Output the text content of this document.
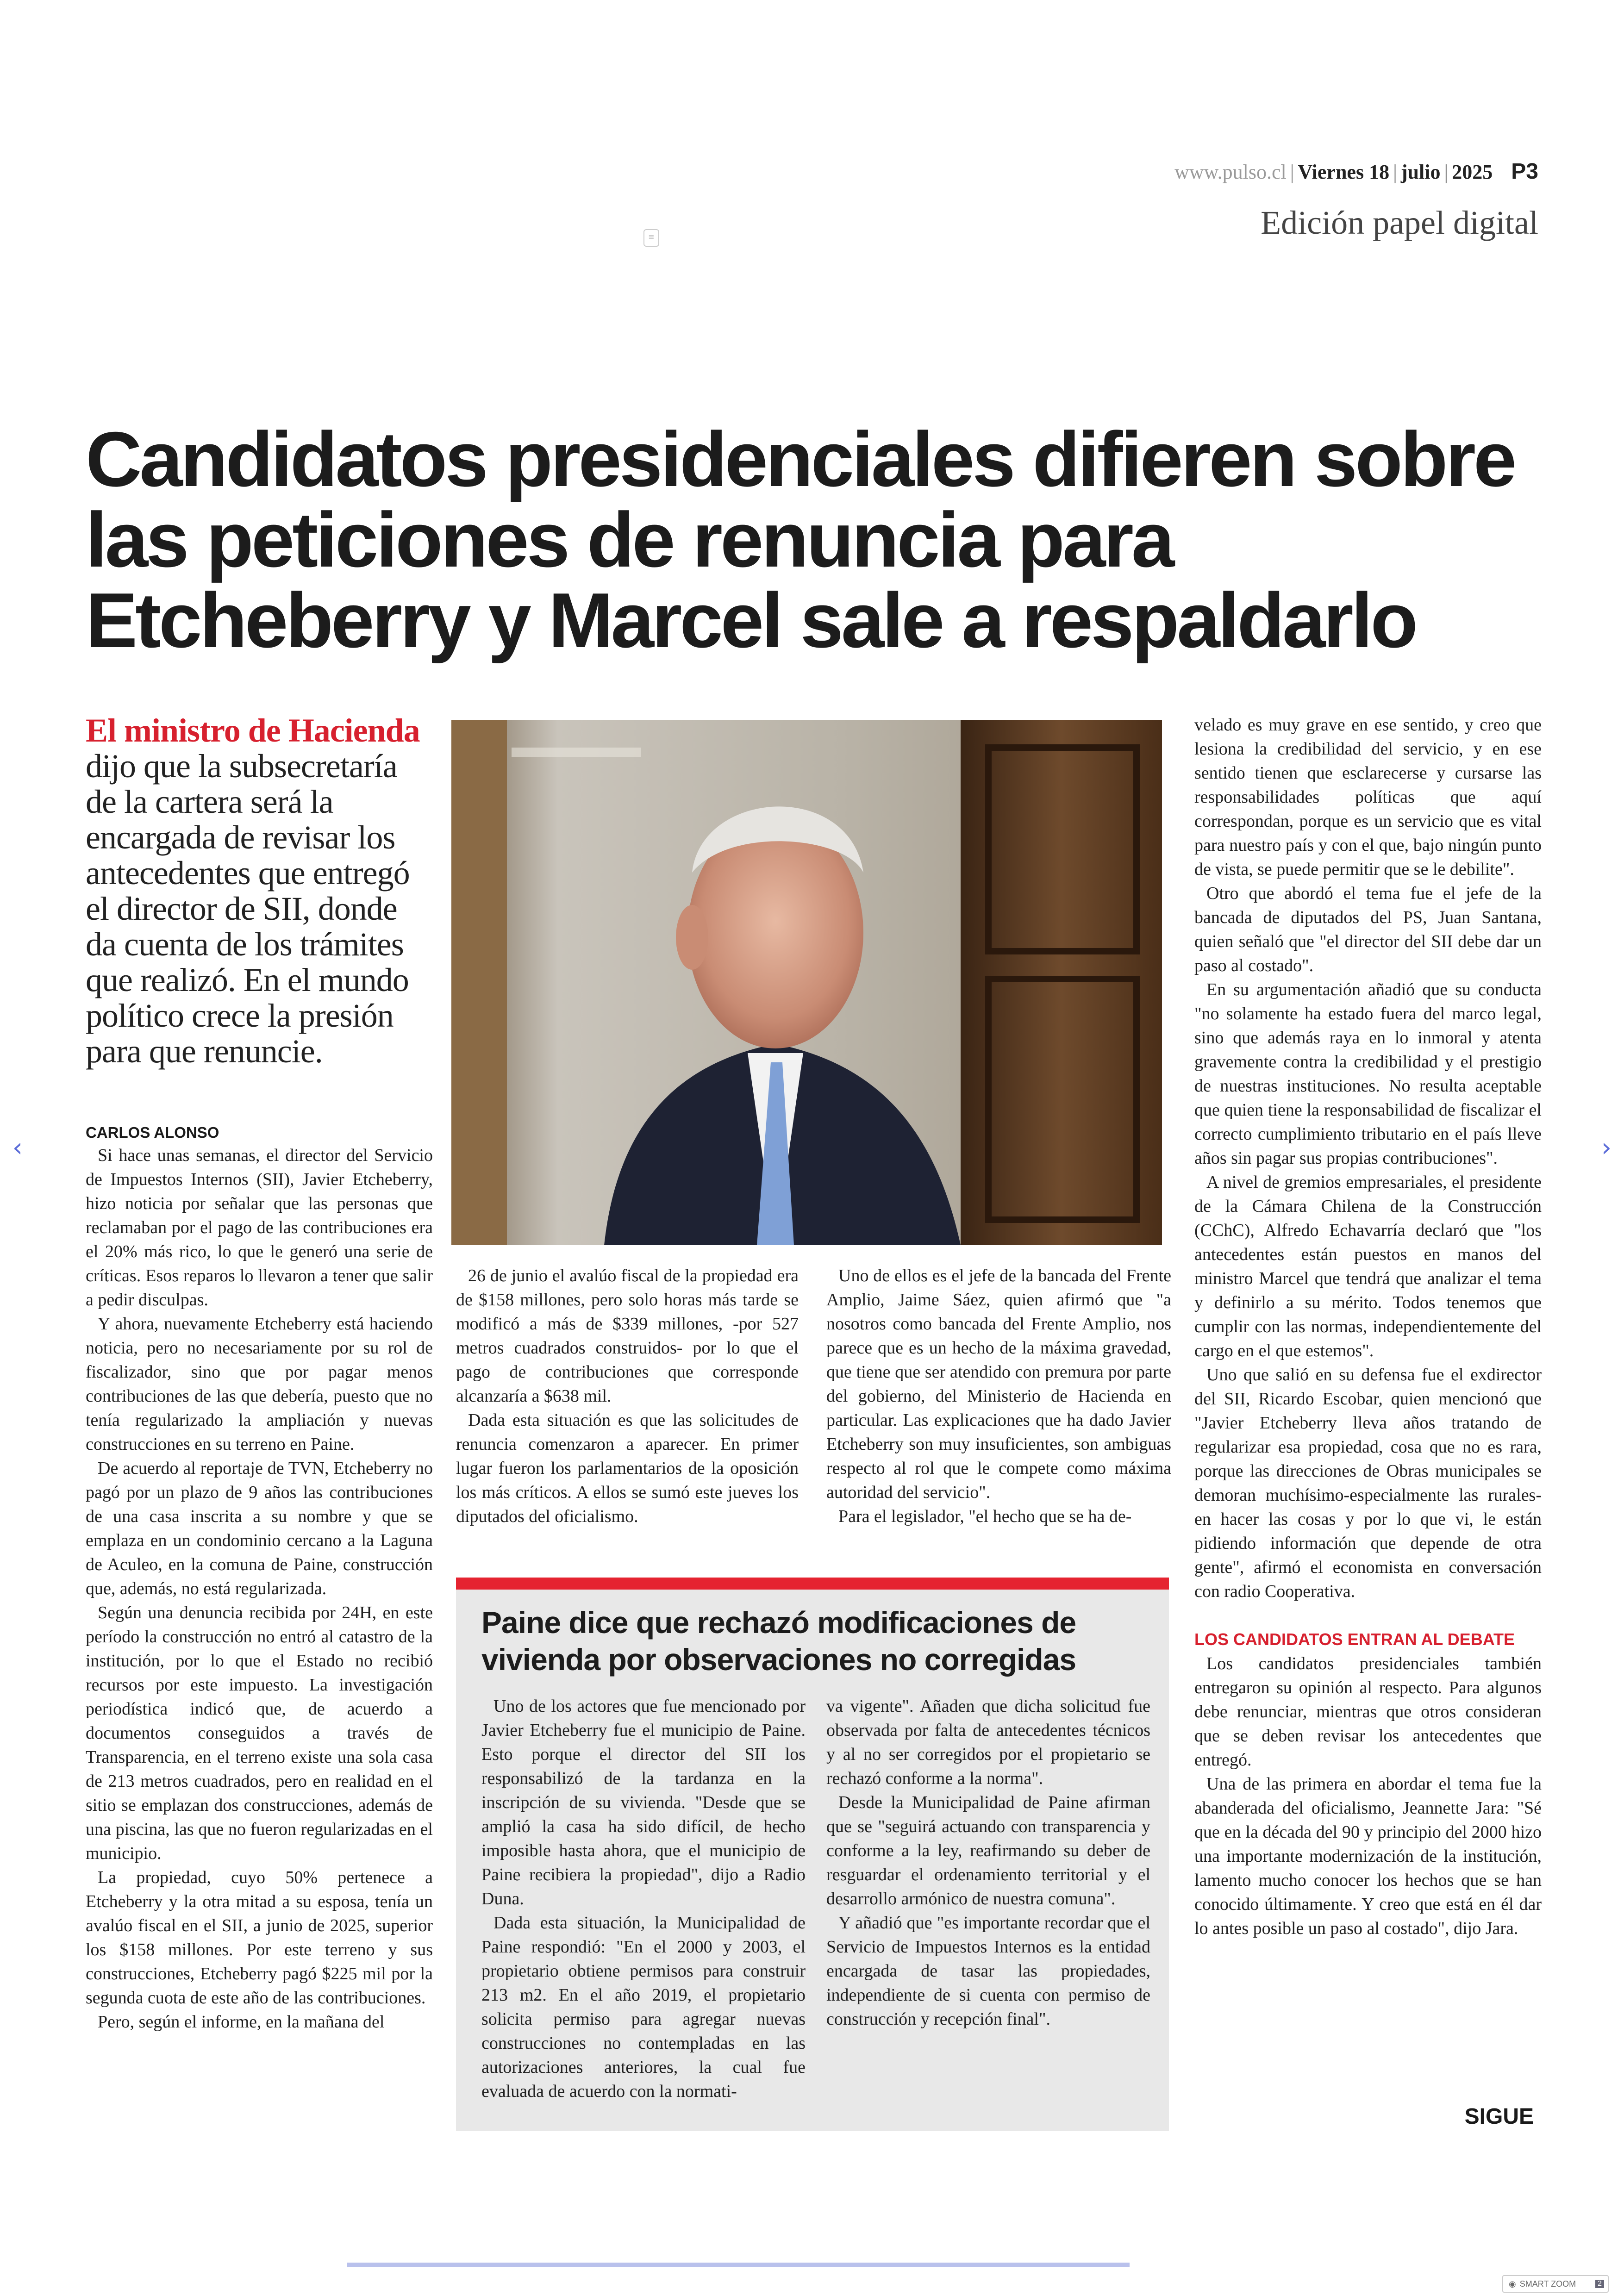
www.pulso.cl | Viernes 18 | julio | 2025 P3
Edición papel digital
≡
Candidatos presidenciales difieren sobre las peticiones de renuncia para Etcheberry y Marcel sale a respaldarlo
El ministro de Hacienda dijo que la subsecretaría de la cartera será la encargada de revisar los antecedentes que entregó el director de SII, donde da cuenta de los trámites que realizó. En el mundo político crece la presión para que renuncie.
CARLOS ALONSO

Si hace unas semanas, el director del Servicio de Impuestos Internos (SII), Javier Etcheberry, hizo noticia por señalar que las personas que reclamaban por el pago de las contribuciones era el 20% más rico, lo que le generó una serie de críticas. Esos reparos lo llevaron a tener que salir a pedir disculpas.

Y ahora, nuevamente Etcheberry está haciendo noticia, pero no necesariamente por su rol de fiscalizador, sino que por pagar menos contribuciones de las que debería, puesto que no tenía regularizado la ampliación y nuevas construcciones en su terreno en Paine.

De acuerdo al reportaje de TVN, Etcheberry no pagó por un plazo de 9 años las contribuciones de una casa inscrita a su nombre y que se emplaza en un condominio cercano a la Laguna de Aculeo, en la comuna de Paine, construcción que, además, no está regularizada.

Según una denuncia recibida por 24H, en este período la construcción no entró al catastro de la institución, por lo que el Estado no recibió recursos por este impuesto. La investigación periodística indicó que, de acuerdo a documentos conseguidos a través de Transparencia, en el terreno existe una sola casa de 213 metros cuadrados, pero en realidad en el sitio se emplazan dos construcciones, además de una piscina, las que no fueron regularizadas en el municipio.

La propiedad, cuyo 50% pertenece a Etcheberry y la otra mitad a su esposa, tenía un avalúo fiscal en el SII, a junio de 2025, superior los $158 millones. Por este terreno y sus construcciones, Etcheberry pagó $225 mil por la segunda cuota de este año de las contribuciones.

Pero, según el informe, en la mañana del

26 de junio el avalúo fiscal de la propiedad era de $158 millones, pero solo horas más tarde se modificó a más de $339 millones, -por 527 metros cuadrados construidos- por lo que el pago de contribuciones que corresponde alcanzaría a $638 mil.

Dada esta situación es que las solicitudes de renuncia comenzaron a aparecer. En primer lugar fueron los parlamentarios de la oposición los más críticos. A ellos se sumó este jueves los diputados del oficialismo.

Uno de ellos es el jefe de la bancada del Frente Amplio, Jaime Sáez, quien afirmó que "a nosotros como bancada del Frente Amplio, nos parece que es un hecho de la máxima gravedad, que tiene que ser atendido con premura por parte del gobierno, del Ministerio de Hacienda en particular. Las explicaciones que ha dado Javier Etcheberry son muy insuficientes, son ambiguas respecto al rol que le compete como máxima autoridad del servicio".

Para el legislador, "el hecho que se ha de-

velado es muy grave en ese sentido, y creo que lesiona la credibilidad del servicio, y en ese sentido tienen que esclarecerse y cursarse las responsabilidades políticas que aquí correspondan, porque es un servicio que es vital para nuestro país y con el que, bajo ningún punto de vista, se puede permitir que se le debilite".

Otro que abordó el tema fue el jefe de la bancada de diputados del PS, Juan Santana, quien señaló que "el director del SII debe dar un paso al costado".

En su argumentación añadió que su conducta "no solamente ha estado fuera del marco legal, sino que además raya en lo inmoral y atenta gravemente contra la credibilidad y el prestigio de nuestras instituciones. No resulta aceptable que quien tiene la responsabilidad de fiscalizar el correcto cumplimiento tributario en el país lleve años sin pagar sus propias contribuciones".

A nivel de gremios empresariales, el presidente de la Cámara Chilena de la Construcción (CChC), Alfredo Echavarría declaró que "los antecedentes están puestos en manos del ministro Marcel que tendrá que analizar el tema y definirlo a su mérito. Todos tenemos que cumplir con las normas, independientemente del cargo en el que estemos".

Uno que salió en su defensa fue el exdirector del SII, Ricardo Escobar, quien mencionó que "Javier Etcheberry lleva años tratando de regularizar esa propiedad, cosa que no es rara, porque las direcciones de Obras municipales se demoran muchísimo-especialmente las rurales- en hacer las cosas y por lo que vi, le están pidiendo información que depende de otra gente", afirmó el economista en conversación con radio Cooperativa.

LOS CANDIDATOS ENTRAN AL DEBATE

Los candidatos presidenciales también entregaron su opinión al respecto. Para algunos debe renunciar, mientras que otros consideran que se deben revisar los antecedentes que entregó.

Una de las primera en abordar el tema fue la abanderada del oficialismo, Jeannette Jara: "Sé que en la década del 90 y principio del 2000 hizo una importante modernización de la institución, lamento mucho conocer los hechos que se han conocido últimamente. Y creo que está en él dar lo antes posible un paso al costado", dijo Jara.

Paine dice que rechazó modificaciones de vivienda por observaciones no corregidas

Uno de los actores que fue mencionado por Javier Etcheberry fue el municipio de Paine. Esto porque el director del SII los responsabilizó de la tardanza en la inscripción de su vivienda. "Desde que se amplió la casa ha sido difícil, de hecho imposible hasta ahora, que el municipio de Paine recibiera la propiedad", dijo a Radio Duna.

Dada esta situación, la Municipalidad de Paine respondió: "En el 2000 y 2003, el propietario obtiene permisos para construir 213 m2. En el año 2019, el propietario solicita permiso para agregar nuevas construcciones no contempladas en las autorizaciones anteriores, la cual fue evaluada de acuerdo con la normati-

va vigente". Añaden que dicha solicitud fue observada por falta de antecedentes técnicos y al no ser corregidos por el propietario se rechazó conforme a la norma".

Desde la Municipalidad de Paine afirman que se "seguirá actuando con transparencia y conforme a la ley, reafirmando su deber de resguardar el ordenamiento territorial y el desarrollo armónico de nuestra comuna".

Y añadió que "es importante recordar que el Servicio de Impuestos Internos es la entidad encargada de tasar las propiedades, independiente de si cuenta con permiso de construcción y recepción final".

SIGUE
‹	›
◉ SMART ZOOM	2
